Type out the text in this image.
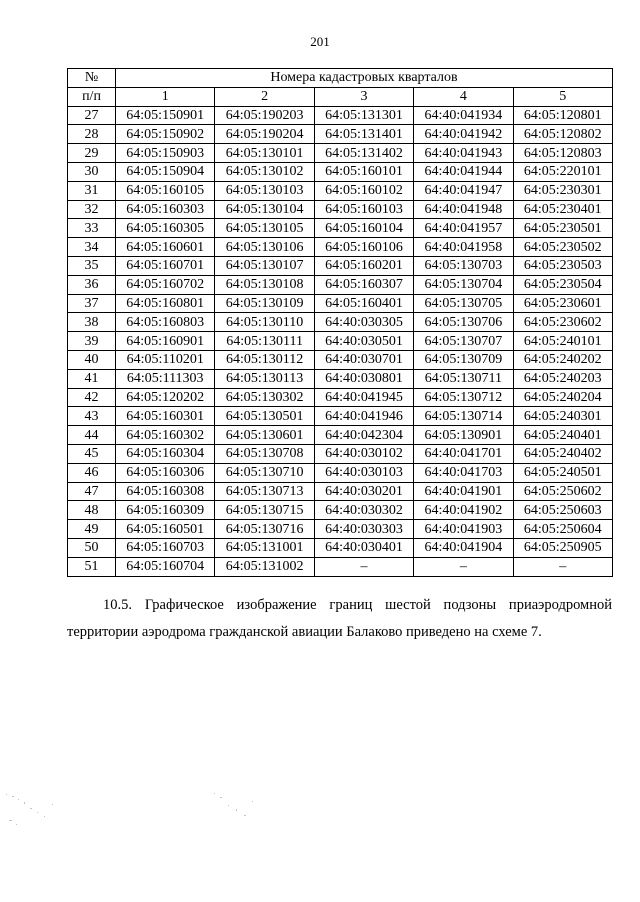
201
№	Номера кадастровых кварталов				
п/п	1	2	3	4	5
27	64:05:150901	64:05:190203	64:05:131301	64:40:041934	64:05:120801
28	64:05:150902	64:05:190204	64:05:131401	64:40:041942	64:05:120802
29	64:05:150903	64:05:130101	64:05:131402	64:40:041943	64:05:120803
30	64:05:150904	64:05:130102	64:05:160101	64:40:041944	64:05:220101
31	64:05:160105	64:05:130103	64:05:160102	64:40:041947	64:05:230301
32	64:05:160303	64:05:130104	64:05:160103	64:40:041948	64:05:230401
33	64:05:160305	64:05:130105	64:05:160104	64:40:041957	64:05:230501
34	64:05:160601	64:05:130106	64:05:160106	64:40:041958	64:05:230502
35	64:05:160701	64:05:130107	64:05:160201	64:05:130703	64:05:230503
36	64:05:160702	64:05:130108	64:05:160307	64:05:130704	64:05:230504
37	64:05:160801	64:05:130109	64:05:160401	64:05:130705	64:05:230601
38	64:05:160803	64:05:130110	64:40:030305	64:05:130706	64:05:230602
39	64:05:160901	64:05:130111	64:40:030501	64:05:130707	64:05:240101
40	64:05:110201	64:05:130112	64:40:030701	64:05:130709	64:05:240202
41	64:05:111303	64:05:130113	64:40:030801	64:05:130711	64:05:240203
42	64:05:120202	64:05:130302	64:40:041945	64:05:130712	64:05:240204
43	64:05:160301	64:05:130501	64:40:041946	64:05:130714	64:05:240301
44	64:05:160302	64:05:130601	64:40:042304	64:05:130901	64:05:240401
45	64:05:160304	64:05:130708	64:40:030102	64:40:041701	64:05:240402
46	64:05:160306	64:05:130710	64:40:030103	64:40:041703	64:05:240501
47	64:05:160308	64:05:130713	64:40:030201	64:40:041901	64:05:250602
48	64:05:160309	64:05:130715	64:40:030302	64:40:041902	64:05:250603
49	64:05:160501	64:05:130716	64:40:030303	64:40:041903	64:05:250604
50	64:05:160703	64:05:131001	64:40:030401	64:40:041904	64:05:250905
51	64:05:160704	64:05:131002	–	–	–
10.5. Графическое изображение границ шестой подзоны приаэродромной территории аэродрома гражданской авиации Балаково приведено на схеме 7.
